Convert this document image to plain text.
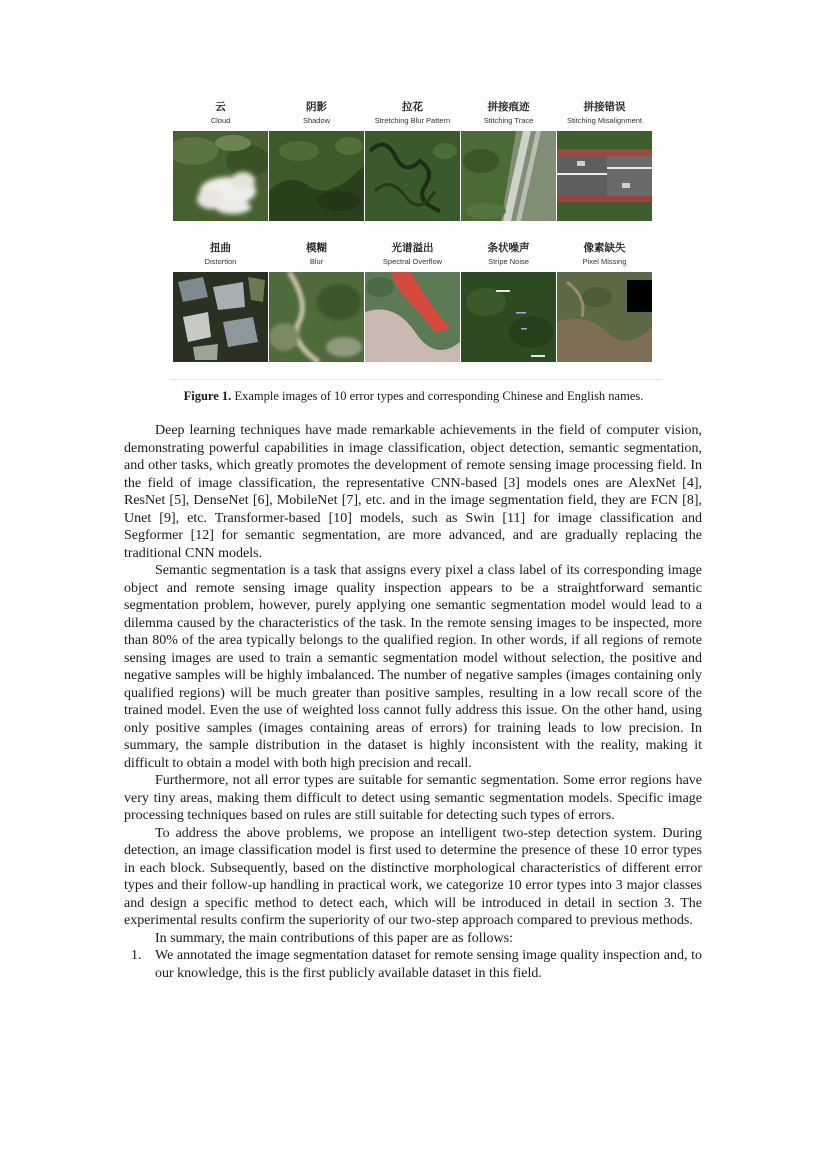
云
Cloud
阴影
Shadow
拉花
Stretching Blur Pattern
拼接痕迹
Stitching Trace
拼接错误
Stitching Misalignment
扭曲
Distortion
模糊
Blur
光谱溢出
Spectral Overflow
条状噪声
Stripe Noise
像素缺失
Pixel Missing
Figure 1. Example images of 10 error types and corresponding Chinese and English names.

Deep learning techniques have made remarkable achievements in the field of computer vision, demonstrating powerful capabilities in image classification, object detection, semantic segmentation, and other tasks, which greatly promotes the development of remote sensing image processing field. In the field of image classification, the representative CNN-based [3] models ones are AlexNet [4], ResNet [5], DenseNet [6], MobileNet [7], etc. and in the image segmentation field, they are FCN [8], Unet [9], etc. Transformer-based [10] models, such as Swin [11] for image classification and Segformer [12] for semantic segmentation, are more advanced, and are gradually replacing the traditional CNN models.

Semantic segmentation is a task that assigns every pixel a class label of its corresponding image object and remote sensing image quality inspection appears to be a straightforward semantic segmentation problem, however, purely applying one semantic segmentation model would lead to a dilemma caused by the characteristics of the task. In the remote sensing images to be inspected, more than 80% of the area typically belongs to the qualified region. In other words, if all regions of remote sensing images are used to train a semantic segmentation model without selection, the positive and negative samples will be highly imbalanced. The number of negative samples (images containing only qualified regions) will be much greater than positive samples, resulting in a low recall score of the trained model. Even the use of weighted loss cannot fully address this issue. On the other hand, using only positive samples (images containing areas of errors) for training leads to low precision. In summary, the sample distribution in the dataset is highly inconsistent with the reality, making it difficult to obtain a model with both high precision and recall.

Furthermore, not all error types are suitable for semantic segmentation. Some error regions have very tiny areas, making them difficult to detect using semantic segmentation models. Specific image processing techniques based on rules are still suitable for detecting such types of errors.

To address the above problems, we propose an intelligent two-step detection system. During detection, an image classification model is first used to determine the presence of these 10 error types in each block. Subsequently, based on the distinctive morphological characteristics of different error types and their follow-up handling in practical work, we categorize 10 error types into 3 major classes and design a specific method to detect each, which will be introduced in detail in section 3. The experimental results confirm the superiority of our two-step approach compared to previous methods.

In summary, the main contributions of this paper are as follows:

1. We annotated the image segmentation dataset for remote sensing image quality inspection and, to our knowledge, this is the first publicly available dataset in this field.
